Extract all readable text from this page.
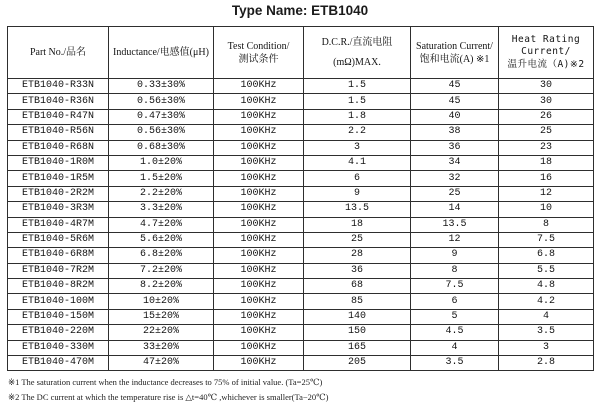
Type Name: ETB1040
Part No./品名	Inductance/电感值(μH)	Test Condition/
测试条件	D.C.R./直流电阻
(mΩ)MAX.	Saturation Current/
饱和电流(A) ※1	Heat Rating
Current/
温升电流（A)※2

ETB1040-R33N	0.33±30%	100KHz	1.5	45	30
ETB1040-R36N	0.56±30%	100KHz	1.5	45	30
ETB1040-R47N	0.47±30%	100KHz	1.8	40	26
ETB1040-R56N	0.56±30%	100KHz	2.2	38	25
ETB1040-R68N	0.68±30%	100KHz	3	36	23
ETB1040-1R0M	1.0±20%	100KHz	4.1	34	18
ETB1040-1R5M	1.5±20%	100KHz	6	32	16
ETB1040-2R2M	2.2±20%	100KHz	9	25	12
ETB1040-3R3M	3.3±20%	100KHz	13.5	14	10
ETB1040-4R7M	4.7±20%	100KHz	18	13.5	8
ETB1040-5R6M	5.6±20%	100KHz	25	12	7.5
ETB1040-6R8M	6.8±20%	100KHz	28	9	6.8
ETB1040-7R2M	7.2±20%	100KHz	36	8	5.5
ETB1040-8R2M	8.2±20%	100KHz	68	7.5	4.8
ETB1040-100M	10±20%	100KHz	85	6	4.2
ETB1040-150M	15±20%	100KHz	140	5	4
ETB1040-220M	22±20%	100KHz	150	4.5	3.5
ETB1040-330M	33±20%	100KHz	165	4	3
ETB1040-470M	47±20%	100KHz	205	3.5	2.8
※1 The saturation current when the inductance decreases to 75% of initial value. (Ta=25℃)
※2 The DC current at which the temperature rise is △t=40℃ ,whichever is smaller(Ta−20℃)
